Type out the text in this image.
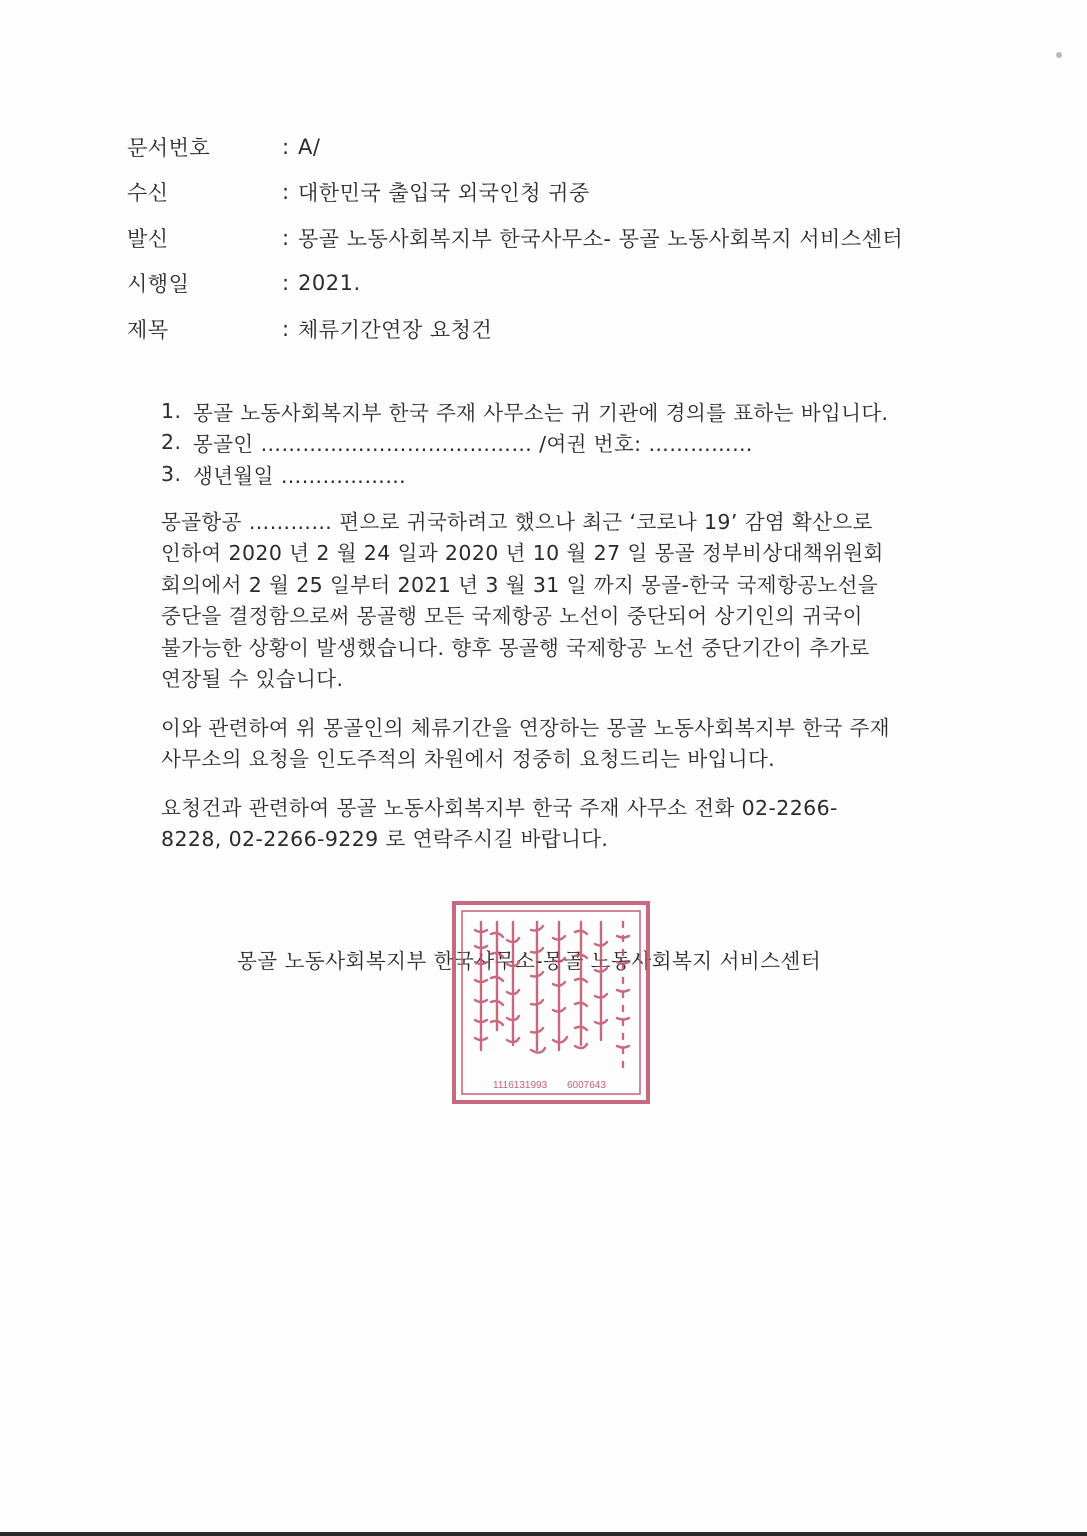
문서번호	: A/
수신	: 대한민국 출입국 외국인청 귀중
발신	: 몽골 노동사회복지부 한국사무소- 몽골 노동사회복지 서비스센터
시행일	: 2021.
제목	: 체류기간연장 요청건
1. 몽골 노동사회복지부 한국 주재 사무소는 귀 기관에 경의를 표하는 바입니다.
2. 몽골인 ………………………………… /여권 번호: ……………
3. 생년월일 ………………

몽골항공 ………… 편으로 귀국하려고 했으나 최근 ‘코로나 19’ 감염 확산으로
인하여 2020 년 2 월 24 일과 2020 년 10 월 27 일 몽골 정부비상대책위원회
회의에서 2 월 25 일부터 2021 년 3 월 31 일 까지 몽골-한국 국제항공노선을
중단을 결정함으로써 몽골행 모든 국제항공 노선이 중단되어 상기인의 귀국이
불가능한 상황이 발생했습니다. 향후 몽골행 국제항공 노선 중단기간이 추가로
연장될 수 있습니다.

이와 관련하여 위 몽골인의 체류기간을 연장하는 몽골 노동사회복지부 한국 주재
사무소의 요청을 인도주적의 차원에서 정중히 요청드리는 바입니다.

요청건과 관련하여 몽골 노동사회복지부 한국 주재 사무소 전화 02-2266-
8228, 02-2266-9229 로 연락주시길 바랍니다.

몽골 노동사회복지부 한국사무소-몽골 노동사회복지 서비스센터
1116131993 6007643
